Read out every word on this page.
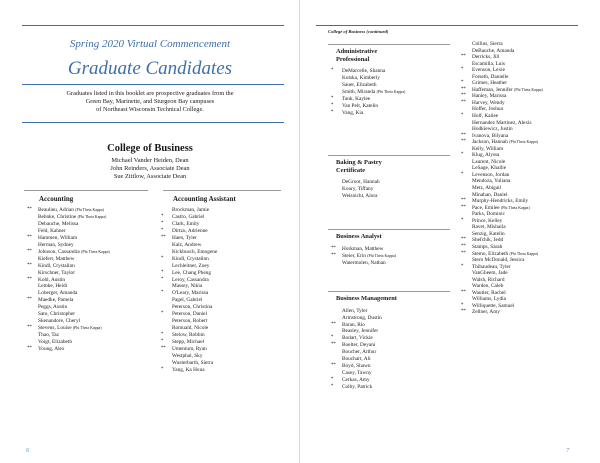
Spring 2020 Virtual Commencement
Graduate Candidates
Graduates listed in this booklet are prospective graduates from the
Green Bay, Marinette, and Sturgeon Bay campuses
of Northeast Wisconsin Technical College.
College of Business
Michael Vander Heiden, Dean
John Reinders, Associate Dean
Sue Zittlow, Associate Dean
Accounting
**	Beaulieu, Adrian
(Phi Theta Kappa)
Behnke, Christine
(Phi Theta Kappa)
Debauche, Melissa
Feld, Kahner
**	Hammen, William
Herman, Sydney
**	Johnson, Cassandra
(Phi Theta Kappa)
Kiefert, Matthew
**	Kindl, Crystalinn
Kirschner, Taylor
**	Kohl, Austin
Lemke, Heidi
Loberger, Amanda
**	Maedke, Pamela
Peggs, Austin
Sato, Christopher
Skenandore, Cheryl
**	Stevens, Louise
(Phi Theta Kappa)
Thao, Taz
Voigt, Elizabeth
**	Young, Alex
Accounting Assistant
Brockman, Jamie
*	Castro, Gabriel
*	Clark, Emily
*	Dirtzu, Adrienne
**	Haen, Tyler
Kalz, Andrew
Kickbusch, Emogene
*	Kindl, Crystalinn
Lechleitner, Zoey
*	Lee, Chang Pheng
*	Leroy, Cassandra
Massey, Nikia
*	O'Leary, Marissa
Pagel, Gabriel
Peterson, Christina
*	Peterson, Daniel
Peterson, Robert
Romuald, Nicole
*	Stelow, Robbin
*	Stepp, Michael
**	Umentum, Ryan
Westphal, Sky
Wusterbarth, Sierra
*	Yang, Ka Houa
6
College of Business (continued)
Administrative
Professional
*	DeMarcelle, Shanna
Kutska, Kimberly
Sauer, Elizabeth
Smith, Miranda
(Phi Theta Kappa)
*	Tank, Kaylee
*	Van Pelt, Katelin
*	Vang, Kia
Baking & Pastry
Certificate
DeGroot, Hannah
Koury, Tiffany
Weisnicht, Alora
Business Analyst
**	Horkman, Matthew
**	Steier, Erin
(Phi Theta Kappa)
Watermolen, Nathan
Business Management
Allen, Tyler
Armstrong, Dustin
**	Baran, Rio
Beasley, Jennifer
*	Bodart, Vickie
**	Boelter, Deyani
Boucher, Arthur
Bouchart, Ali
**	Boyd, Shawn
Casey, Tawny
*	Cerkas, Amy
*	Colby, Patrick
Collins, Sierra
DeBauche, Amanda
**	Derricks, Jill
Escamilla, Luis
*	Evenson, Lexie
Forseth, Danielle
*	Grimes, Heather
**	Haffeman, Jennifer
(Phi Theta Kappa)
**	Hanley, Marissa
**	Harvey, Wendy
Hoffer, Joshua
*	Holf, Kailee
Hernandez Martinez, Alexis
Hodkiewicz, Justin
**	Ivanova, Bilyana
**	Jackson, Hannah
(Phi Theta Kappa)
Kelly, William
*	Klug, Alyssa
Laurent, Nicole
LeSage, Khallie
*	Levenson, Jordan
Mendoza, Yuliana
Metz, Abigail
Minahan, Daniel
**	Murphy-Hendricks, Emily
**	Pace, Emilee
(Phi Theta Kappa)
Parks, Dominic
*	Prince, Kelley
Ravet, Mishaila
Senzig, Katelin
**	Shefchik, Jedd
**	Stamps, Sarah
**	Stemo, Elizabeth
(Phi Theta Kappa)
Stern McDonald, Jessica
*	Thibaudeau, Tyler
VanGheem, Jade
Walsh, Richard
Warden, Caleb
**	Wautier, Rachel
Williams, Lydia
*	Williquette, Samuel
**	Zellner, Amy
7
